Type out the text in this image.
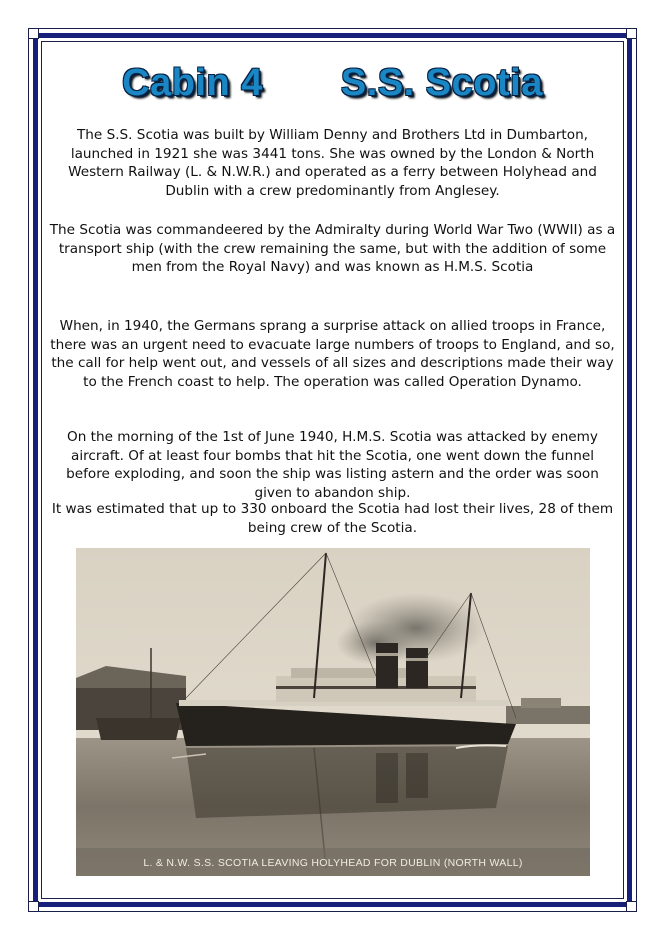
Cabin 4 S.S. Scotia

The S.S. Scotia was built by William Denny and Brothers Ltd in Dumbarton, launched in 1921 she was 3441 tons. She was owned by the London & North Western Railway (L. & N.W.R.) and operated as a ferry between Holyhead and Dublin with a crew predominantly from Anglesey.

The Scotia was commandeered by the Admiralty during World War Two (WWII) as a transport ship (with the crew remaining the same, but with the addition of some men from the Royal Navy) and was known as H.M.S. Scotia

When, in 1940, the Germans sprang a surprise attack on allied troops in France, there was an urgent need to evacuate large numbers of troops to England, and so, the call for help went out, and vessels of all sizes and descriptions made their way to the French coast to help. The operation was called Operation Dynamo.

On the morning of the 1st of June 1940, H.M.S. Scotia was attacked by enemy aircraft. Of at least four bombs that hit the Scotia, one went down the funnel before exploding, and soon the ship was listing astern and the order was soon given to abandon ship.

It was estimated that up to 330 onboard the Scotia had lost their lives, 28 of them being crew of the Scotia.

L. & N.W. S.S. SCOTIA LEAVING HOLYHEAD FOR DUBLIN (NORTH WALL)
